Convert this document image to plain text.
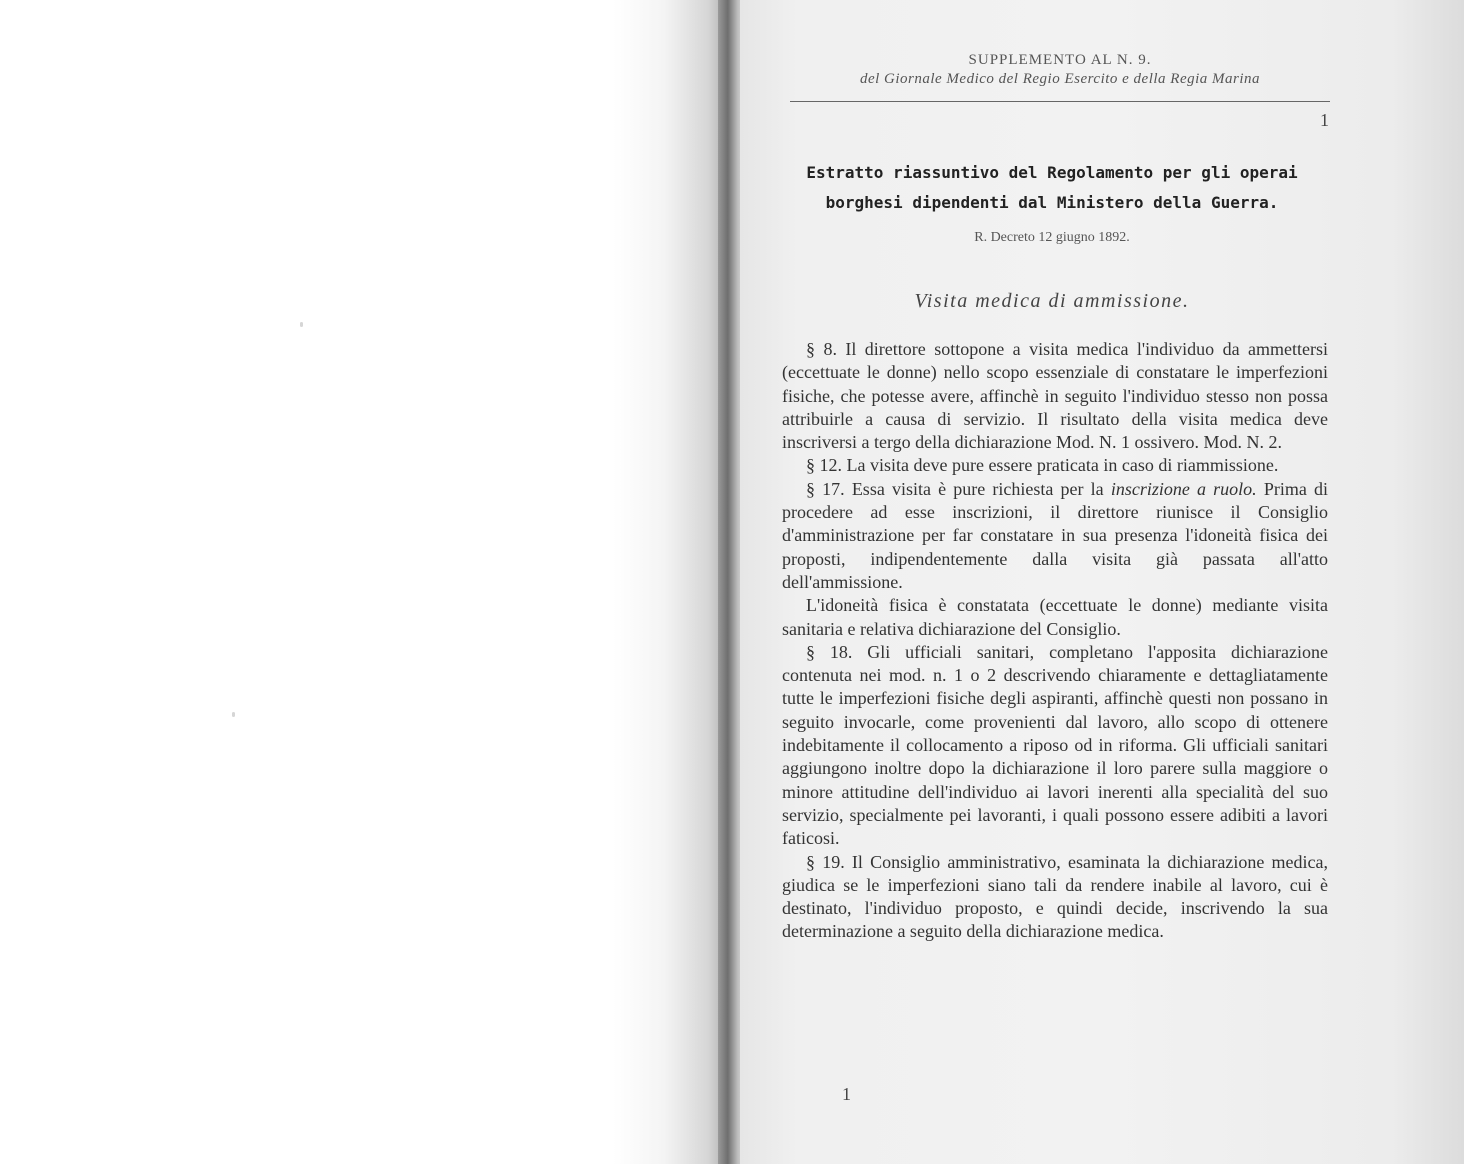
SUPPLEMENTO AL N. 9.
del Giornale Medico del Regio Esercito e della Regia Marina
1
Estratto riassuntivo del Regolamento per gli operai
borghesi dipendenti dal Ministero della Guerra.
R. Decreto 12 giugno 1892.
Visita medica di ammissione.

§ 8. Il direttore sottopone a visita medica l'individuo da ammettersi (eccettuate le donne) nello scopo essenziale di constatare le imperfezioni fisiche, che potesse avere, affinchè in seguito l'individuo stesso non possa attribuirle a causa di servizio. Il risultato della visita medica deve inscriversi a tergo della dichiarazione Mod. N. 1 ossivero. Mod. N. 2.

§ 12. La visita deve pure essere praticata in caso di riammissione.

§ 17. Essa visita è pure richiesta per la inscrizione a ruolo. Prima di procedere ad esse inscrizioni, il direttore riunisce il Consiglio d'amministrazione per far constatare in sua presenza l'idoneità fisica dei proposti, indipendentemente dalla visita già passata all'atto dell'ammissione.

L'idoneità fisica è constatata (eccettuate le donne) mediante visita sanitaria e relativa dichiarazione del Consiglio.

§ 18. Gli ufficiali sanitari, completano l'apposita dichiarazione contenuta nei mod. n. 1 o 2 descrivendo chiaramente e dettagliatamente tutte le imperfezioni fisiche degli aspiranti, affinchè questi non possano in seguito invocarle, come provenienti dal lavoro, allo scopo di ottenere indebitamente il collocamento a riposo od in riforma. Gli ufficiali sanitari aggiungono inoltre dopo la dichiarazione il loro parere sulla maggiore o minore attitudine dell'individuo ai lavori inerenti alla specialità del suo servizio, specialmente pei lavoranti, i quali possono essere adibiti a lavori faticosi.

§ 19. Il Consiglio amministrativo, esaminata la dichiarazione medica, giudica se le imperfezioni siano tali da rendere inabile al lavoro, cui è destinato, l'individuo proposto, e quindi decide, inscrivendo la sua determinazione a seguito della dichiarazione medica.

1
